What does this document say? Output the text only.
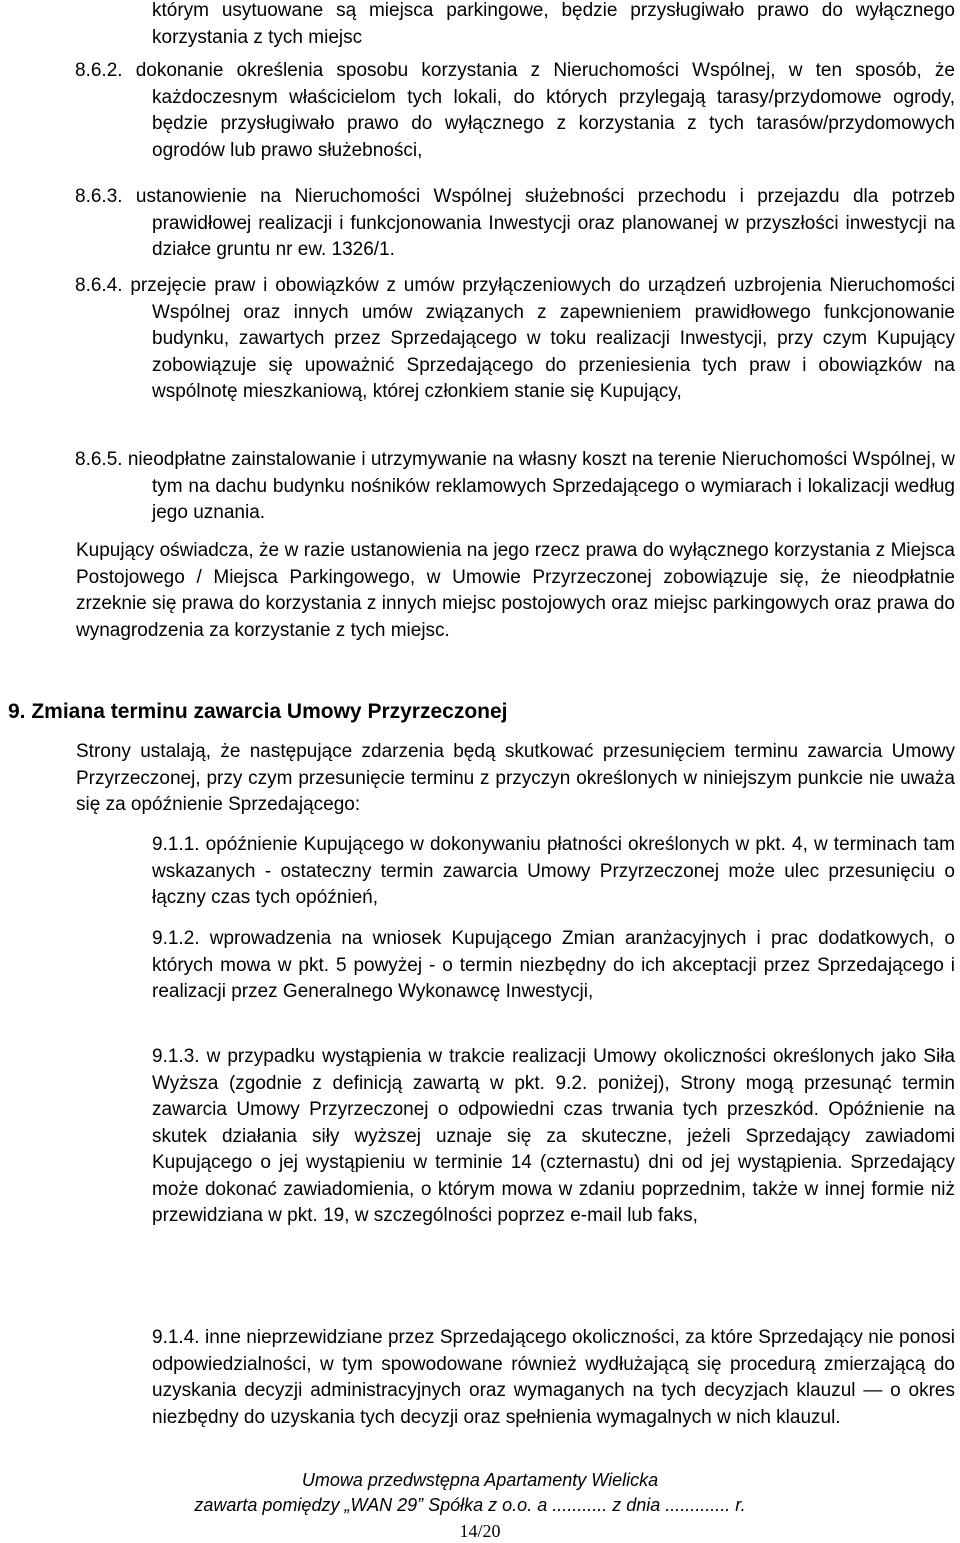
którym usytuowane są miejsca parkingowe, będzie przysługiwało prawo do wyłącznego korzystania z tych miejsc

8.6.2. dokonanie określenia sposobu korzystania z Nieruchomości Wspólnej, w ten sposób, że każdoczesnym właścicielom tych lokali, do których przylegają tarasy/przydomowe ogrody, będzie przysługiwało prawo do wyłącznego z korzystania z tych tarasów/przydomowych ogrodów lub prawo służebności,

8.6.3. ustanowienie na Nieruchomości Wspólnej służebności przechodu i przejazdu dla potrzeb prawidłowej realizacji i funkcjonowania Inwestycji oraz planowanej w przyszłości inwestycji na działce gruntu nr ew. 1326/1.

8.6.4. przejęcie praw i obowiązków z umów przyłączeniowych do urządzeń uzbrojenia Nieruchomości Wspólnej oraz innych umów związanych z zapewnieniem prawidłowego funkcjonowanie budynku, zawartych przez Sprzedającego w toku realizacji Inwestycji, przy czym Kupujący zobowiązuje się upoważnić Sprzedającego do przeniesienia tych praw i obowiązków na wspólnotę mieszkaniową, której członkiem stanie się Kupujący,

8.6.5. nieodpłatne zainstalowanie i utrzymywanie na własny koszt na terenie Nieruchomości Wspólnej, w tym na dachu budynku nośników reklamowych Sprzedającego o wymiarach i lokalizacji według jego uznania.

Kupujący oświadcza, że w razie ustanowienia na jego rzecz prawa do wyłącznego korzystania z Miejsca Postojowego / Miejsca Parkingowego, w Umowie Przyrzeczonej zobowiązuje się, że nieodpłatnie zrzeknie się prawa do korzystania z innych miejsc postojowych oraz miejsc parkingowych oraz prawa do wynagrodzenia za korzystanie z tych miejsc.

9. Zmiana terminu zawarcia Umowy Przyrzeczonej

Strony ustalają, że następujące zdarzenia będą skutkować przesunięciem terminu zawarcia Umowy Przyrzeczonej, przy czym przesunięcie terminu z przyczyn określonych w niniejszym punkcie nie uważa się za opóźnienie Sprzedającego:

9.1.1. opóźnienie Kupującego w dokonywaniu płatności określonych w pkt. 4, w terminach tam wskazanych - ostateczny termin zawarcia Umowy Przyrzeczonej może ulec przesunięciu o łączny czas tych opóźnień,

9.1.2. wprowadzenia na wniosek Kupującego Zmian aranżacyjnych i prac dodatkowych, o których mowa w pkt. 5 powyżej - o termin niezbędny do ich akceptacji przez Sprzedającego i realizacji przez Generalnego Wykonawcę Inwestycji,

9.1.3. w przypadku wystąpienia w trakcie realizacji Umowy okoliczności określonych jako Siła Wyższa (zgodnie z definicją zawartą w pkt. 9.2. poniżej), Strony mogą przesunąć termin zawarcia Umowy Przyrzeczonej o odpowiedni czas trwania tych przeszkód. Opóźnienie na skutek działania siły wyższej uznaje się za skuteczne, jeżeli Sprzedający zawiadomi Kupującego o jej wystąpieniu w terminie 14 (czternastu) dni od jej wystąpienia. Sprzedający może dokonać zawiadomienia, o którym mowa w zdaniu poprzednim, także w innej formie niż przewidziana w pkt. 19, w szczególności poprzez e-mail lub faks,

9.1.4. inne nieprzewidziane przez Sprzedającego okoliczności, za które Sprzedający nie ponosi odpowiedzialności, w tym spowodowane również wydłużającą się procedurą zmierzającą do uzyskania decyzji administracyjnych oraz wymaganych na tych decyzjach klauzul — o okres niezbędny do uzyskania tych decyzji oraz spełnienia wymagalnych w nich klauzul.

Umowa przedwstępna Apartamenty Wielicka
zawarta pomiędzy „WAN 29” Spółka z o.o. a ........... z dnia ............. r.
14/20
